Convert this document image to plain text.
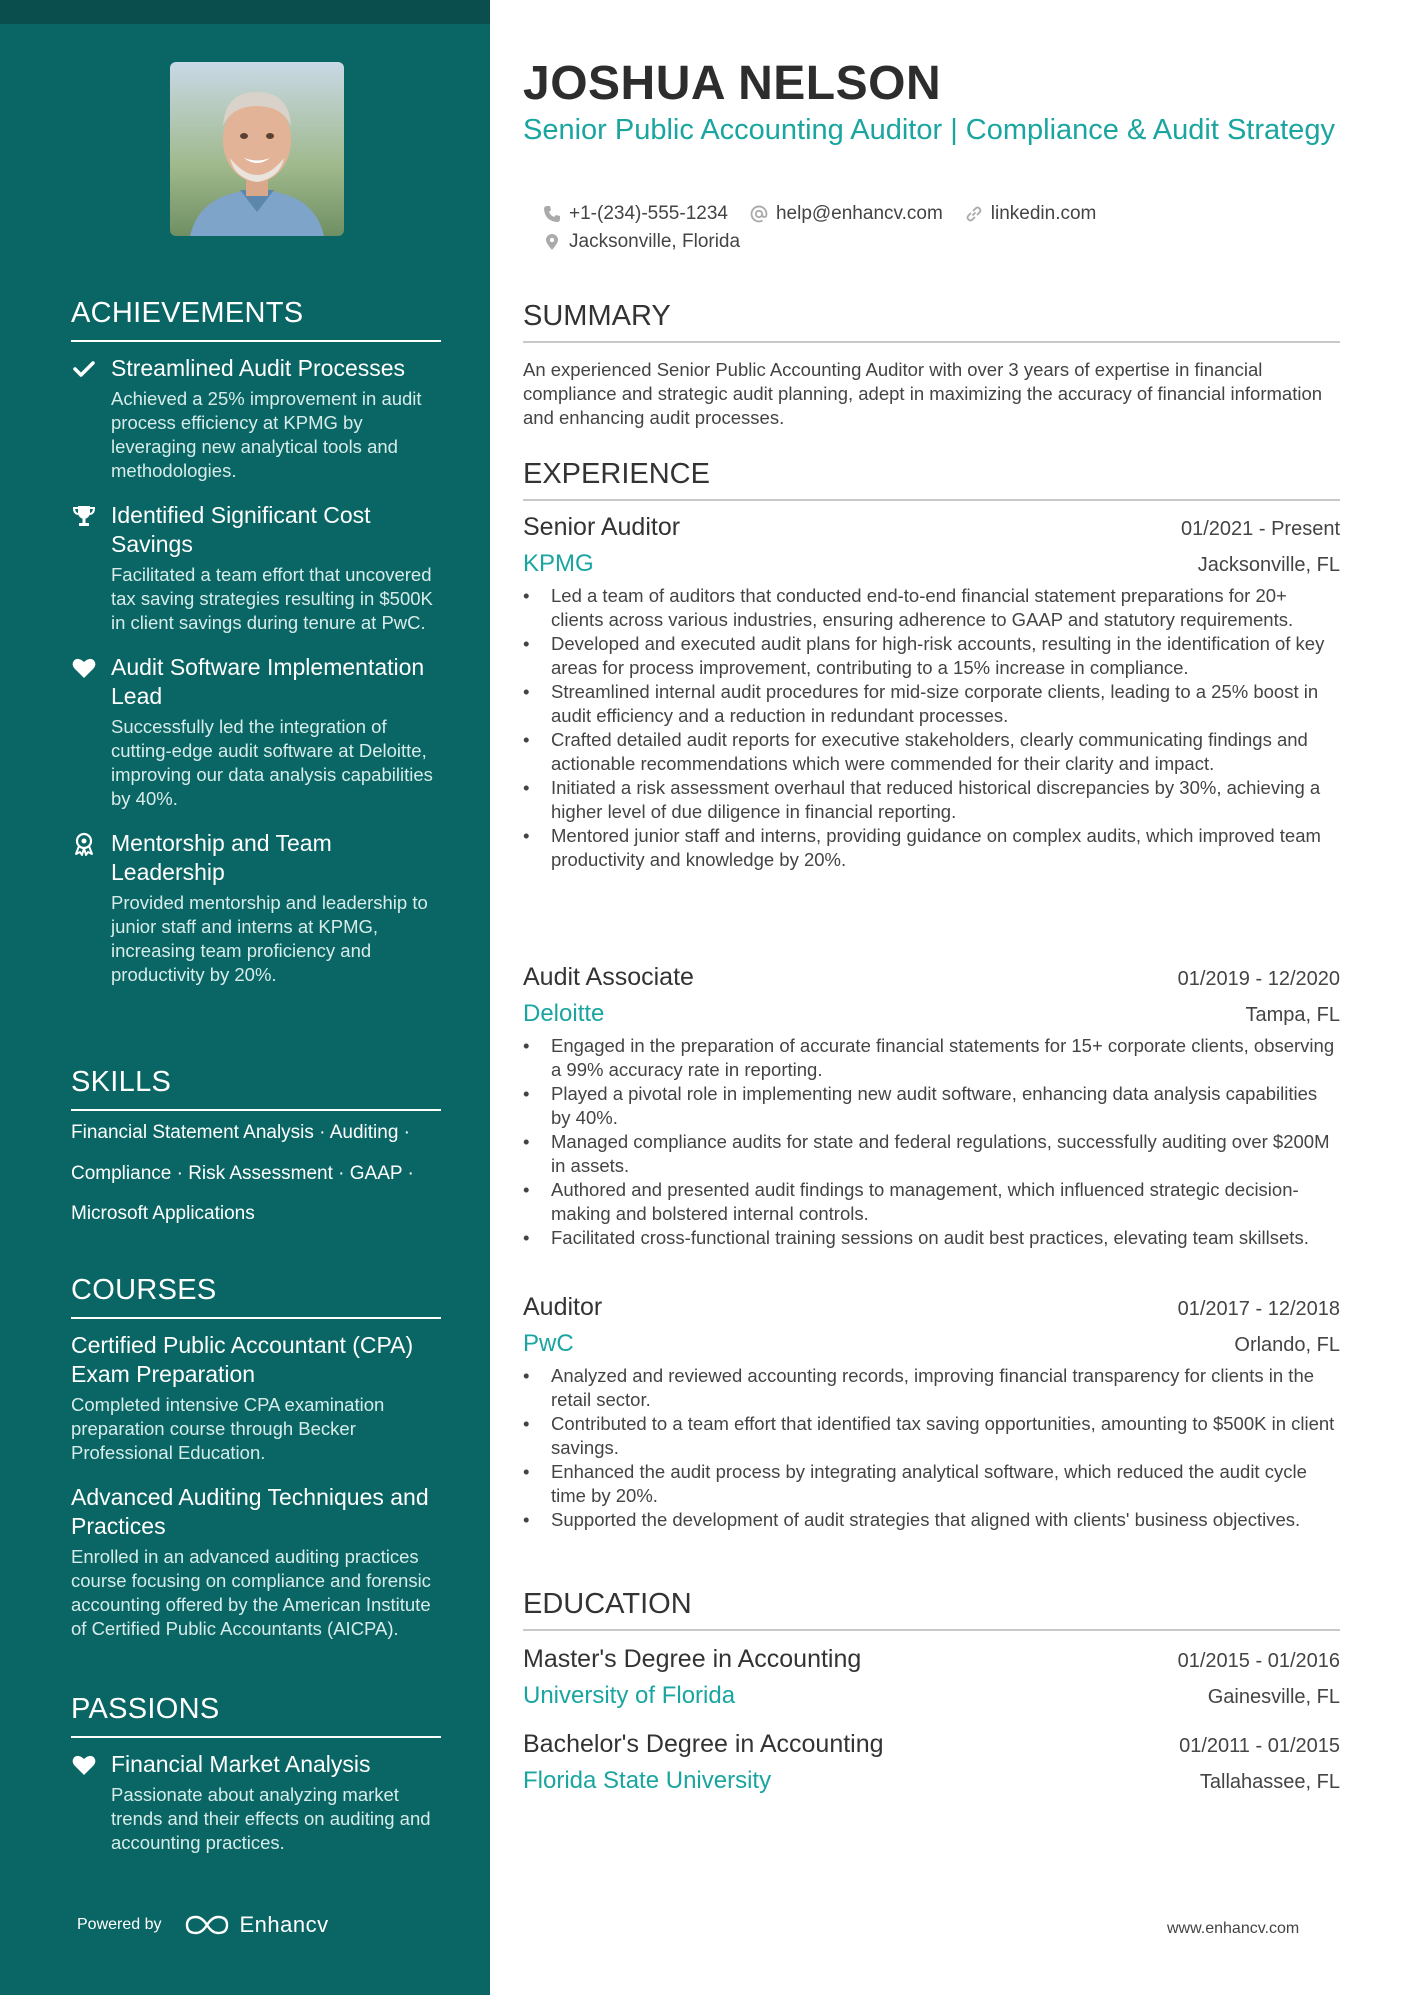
ACHIEVEMENTS
Streamlined Audit Processes
Achieved a 25% improvement in audit process efficiency at KPMG by leveraging new analytical tools and methodologies.
Identified Significant Cost Savings
Facilitated a team effort that uncovered tax saving strategies resulting in $500K in client savings during tenure at PwC.
Audit Software Implementation Lead
Successfully led the integration of cutting-edge audit software at Deloitte, improving our data analysis capabilities by 40%.
Mentorship and Team Leadership
Provided mentorship and leadership to junior staff and interns at KPMG, increasing team proficiency and productivity by 20%.
SKILLS
Financial Statement Analysis · Auditing ·
Compliance · Risk Assessment · GAAP ·
Microsoft Applications
COURSES
Certified Public Accountant (CPA) Exam Preparation
Completed intensive CPA examination preparation course through Becker Professional Education.
Advanced Auditing Techniques and Practices
Enrolled in an advanced auditing practices course focusing on compliance and forensic accounting offered by the American Institute of Certified Public Accountants (AICPA).
PASSIONS
Financial Market Analysis
Passionate about analyzing market trends and their effects on auditing and accounting practices.
Powered by	Enhancv
JOSHUA NELSON
Senior Public Accounting Auditor | Compliance & Audit Strategy
+1-(234)-555-1234	help@enhancv.com	linkedin.com
Jacksonville, Florida
SUMMARY
An experienced Senior Public Accounting Auditor with over 3 years of expertise in financial compliance and strategic audit planning, adept in maximizing the accuracy of financial information and enhancing audit processes.
EXPERIENCE
Senior Auditor	01/2021 - Present
KPMG	Jacksonville, FL
• Led a team of auditors that conducted end-to-end financial statement preparations for 20+ clients across various industries, ensuring adherence to GAAP and statutory requirements.
• Developed and executed audit plans for high-risk accounts, resulting in the identification of key areas for process improvement, contributing to a 15% increase in compliance.
• Streamlined internal audit procedures for mid-size corporate clients, leading to a 25% boost in audit efficiency and a reduction in redundant processes.
• Crafted detailed audit reports for executive stakeholders, clearly communicating findings and actionable recommendations which were commended for their clarity and impact.
• Initiated a risk assessment overhaul that reduced historical discrepancies by 30%, achieving a higher level of due diligence in financial reporting.
• Mentored junior staff and interns, providing guidance on complex audits, which improved team productivity and knowledge by 20%.
Audit Associate	01/2019 - 12/2020
Deloitte	Tampa, FL
• Engaged in the preparation of accurate financial statements for 15+ corporate clients, observing a 99% accuracy rate in reporting.
• Played a pivotal role in implementing new audit software, enhancing data analysis capabilities by 40%.
• Managed compliance audits for state and federal regulations, successfully auditing over $200M in assets.
• Authored and presented audit findings to management, which influenced strategic decision-making and bolstered internal controls.
• Facilitated cross-functional training sessions on audit best practices, elevating team skillsets.
Auditor	01/2017 - 12/2018
PwC	Orlando, FL
• Analyzed and reviewed accounting records, improving financial transparency for clients in the retail sector.
• Contributed to a team effort that identified tax saving opportunities, amounting to $500K in client savings.
• Enhanced the audit process by integrating analytical software, which reduced the audit cycle time by 20%.
• Supported the development of audit strategies that aligned with clients' business objectives.
EDUCATION
Master's Degree in Accounting	01/2015 - 01/2016
University of Florida	Gainesville, FL
Bachelor's Degree in Accounting	01/2011 - 01/2015
Florida State University	Tallahassee, FL
www.enhancv.com
